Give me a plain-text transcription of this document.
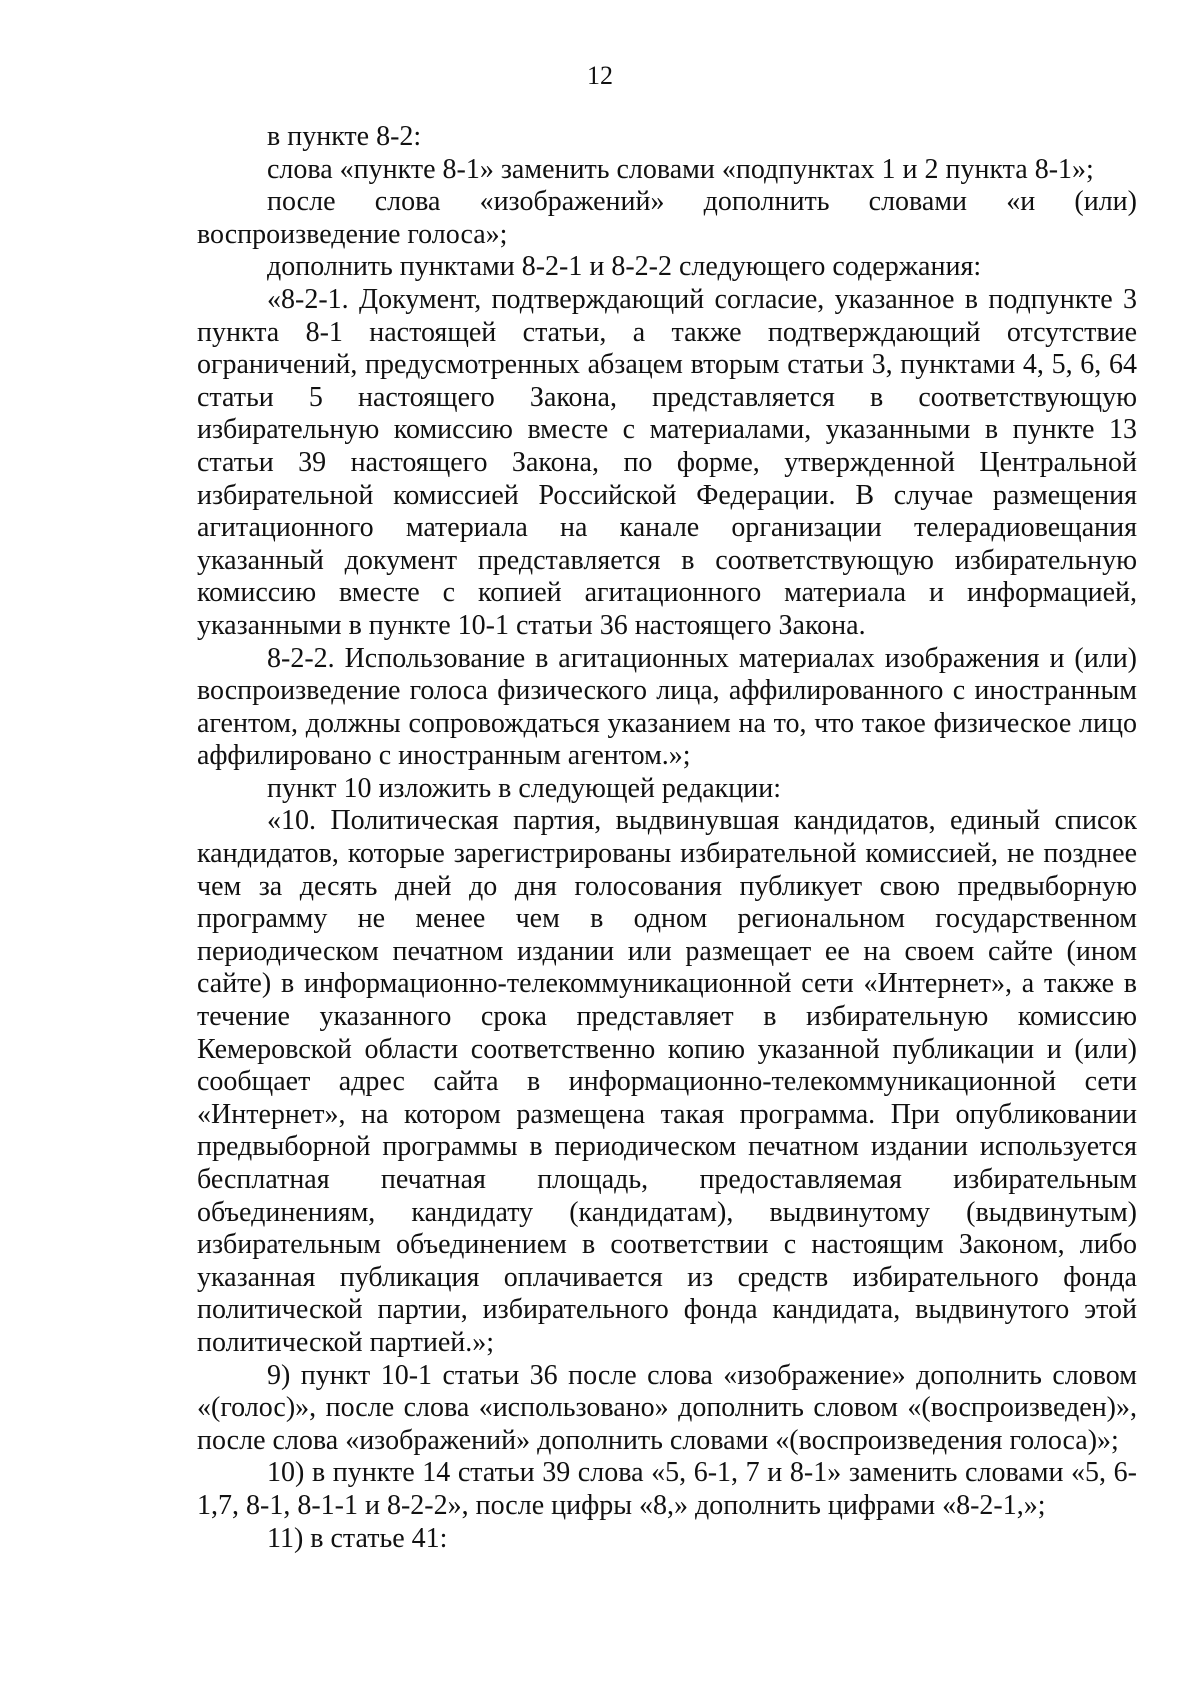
12

в пункте 8-2:

слова «пункте 8-1» заменить словами «подпунктах 1 и 2 пункта 8-1»;

после слова «изображений» дополнить словами «и (или) воспроизведение голоса»;

дополнить пунктами 8-2-1 и 8-2-2 следующего содержания:

«8-2-1. Документ, подтверждающий согласие, указанное в подпункте 3 пункта 8-1 настоящей статьи, а также подтверждающий отсутствие ограничений, предусмотренных абзацем вторым статьи 3, пунктами 4, 5, 6, 64 статьи 5 настоящего Закона, представляется в соответствующую избирательную комиссию вместе с материалами, указанными в пункте 13 статьи 39 настоящего Закона, по форме, утвержденной Центральной избирательной комиссией Российской Федерации. В случае размещения агитационного материала на канале организации телерадиовещания указанный документ представляется в соответствующую избирательную комиссию вместе с копией агитационного материала и информацией, указанными в пункте 10-1 статьи 36 настоящего Закона.

8-2-2. Использование в агитационных материалах изображения и (или) воспроизведение голоса физического лица, аффилированного с иностранным агентом, должны сопровождаться указанием на то, что такое физическое лицо аффилировано с иностранным агентом.»;

пункт 10 изложить в следующей редакции:

«10. Политическая партия, выдвинувшая кандидатов, единый список кандидатов, которые зарегистрированы избирательной комиссией, не позднее чем за десять дней до дня голосования публикует свою предвыборную программу не менее чем в одном региональном государственном периодическом печатном издании или размещает ее на своем сайте (ином сайте) в информационно-телекоммуникационной сети «Интернет», а также в течение указанного срока представляет в избирательную комиссию Кемеровской области соответственно копию указанной публикации и (или) сообщает адрес сайта в информационно-телекоммуникационной сети «Интернет», на котором размещена такая программа. При опубликовании предвыборной программы в периодическом печатном издании используется бесплатная печатная площадь, предоставляемая избирательным объединениям, кандидату (кандидатам), выдвинутому (выдвинутым) избирательным объединением в соответствии с настоящим Законом, либо указанная публикация оплачивается из средств избирательного фонда политической партии, избирательного фонда кандидата, выдвинутого этой политической партией.»;

9) пункт 10-1 статьи 36 после слова «изображение» дополнить словом «(голос)», после слова «использовано» дополнить словом «(воспроизведен)», после слова «изображений» дополнить словами «(воспроизведения голоса)»;

10) в пункте 14 статьи 39 слова «5, 6-1, 7 и 8-1» заменить словами «5, 6-1,7, 8-1, 8-1-1 и 8-2-2», после цифры «8,» дополнить цифрами «8-2-1,»;

11) в статье 41:
